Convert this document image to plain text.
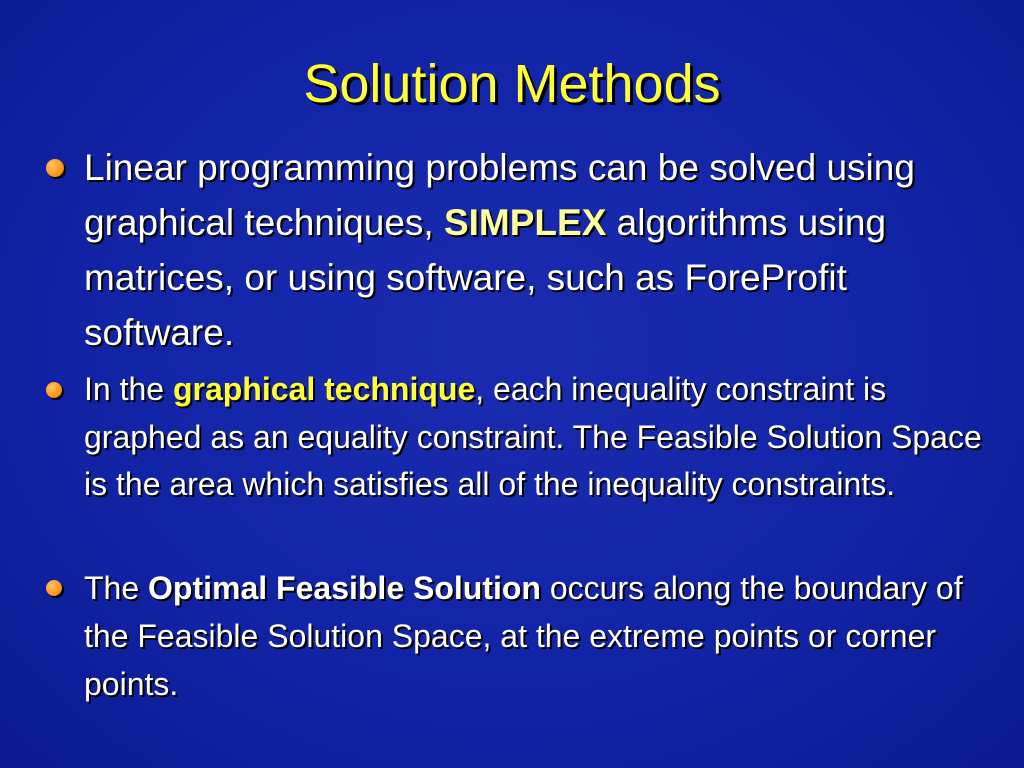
Solution Methods
Linear programming problems can be solved using graphical techniques, SIMPLEX algorithms using matrices, or using software, such as ForeProfit software.
In the graphical technique, each inequality constraint is graphed as an equality constraint. The Feasible Solution Space is the area which satisfies all of the inequality constraints.
The Optimal Feasible Solution occurs along the boundary of the Feasible Solution Space, at the extreme points or corner points.
